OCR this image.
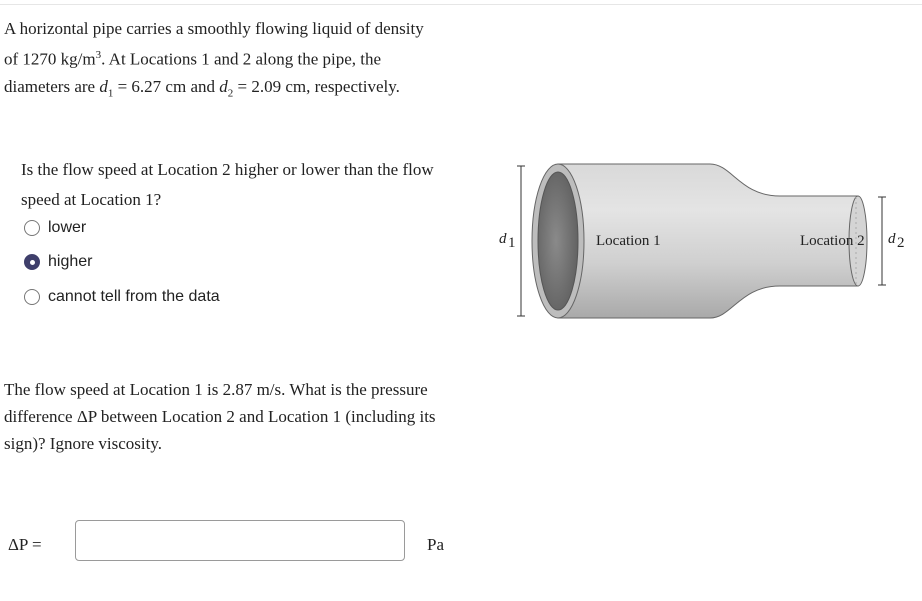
A horizontal pipe carries a smoothly flowing liquid of density
of 1270 $kg/m^3$. At Locations 1 and 2 along the pipe, the
diameters are $d_1 = 6.27$ cm and $d_2 = 2.09$ cm, respectively.
Is the flow speed at Location 2 higher or lower than the flow speed at Location 1?
lower
higher
cannot tell from the data
The flow speed at Location 1 is 2.87 m/s. What is the pressure difference ΔP between Location 2 and Location 1 (including its sign)? Ignore viscosity.
ΔP =	Pa
d 1	d 2
Location 1	Location 2
